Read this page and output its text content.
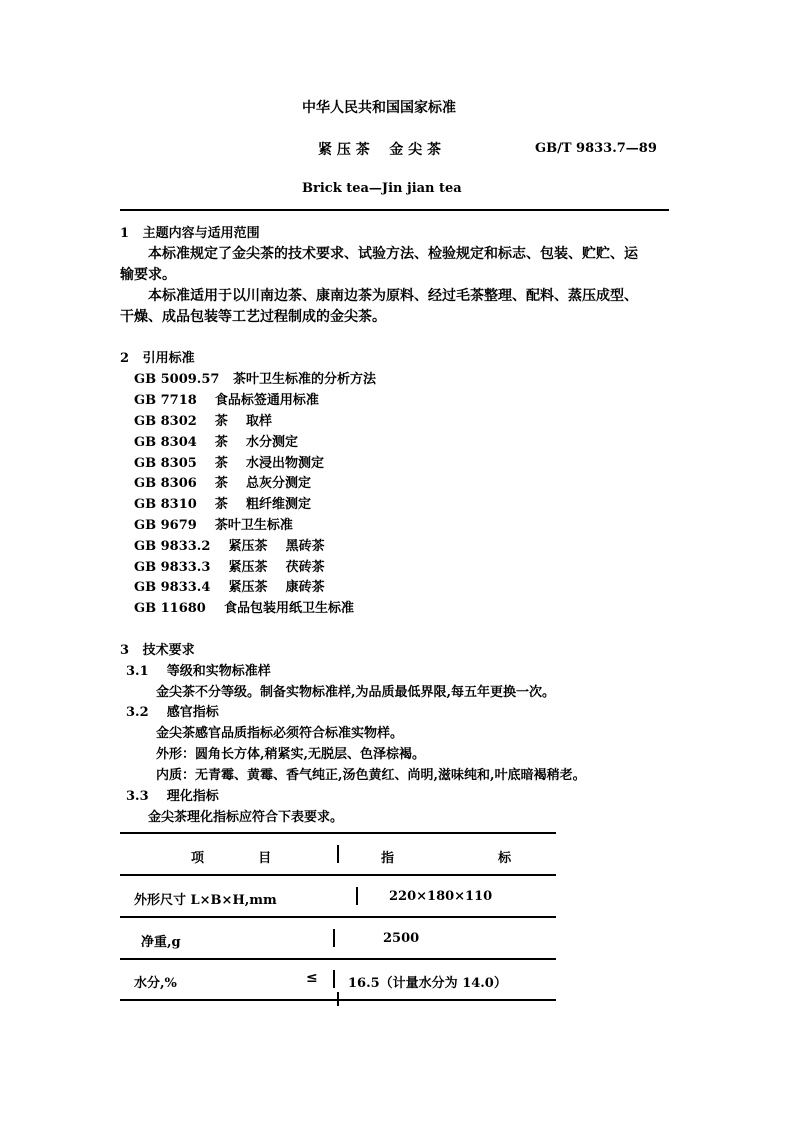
中华人民共和国国家标准
紧 压 茶    金 尖 茶	GB/T 9833.7—89
Brick tea—Jin jian tea
1   主题内容与适用范围
本标准规定了金尖茶的技术要求、试验方法、检验规定和标志、包装、贮贮、运
输要求。
本标准适用于以川南边茶、康南边茶为原料、经过毛茶整理、配料、蒸压成型、
干燥、成品包装等工艺过程制成的金尖茶。
2   引用标准
GB 5009.57   茶叶卫生标准的分析方法
GB 7718    食品标签通用标准
GB 8302    茶    取样
GB 8304    茶    水分测定
GB 8305    茶    水浸出物测定
GB 8306    茶    总灰分测定
GB 8310    茶    粗纤维测定
GB 9679    茶叶卫生标准
GB 9833.2    紧压茶    黑砖茶
GB 9833.3    紧压茶    茯砖茶
GB 9833.4    紧压茶    康砖茶
GB 11680    食品包装用纸卫生标准
3   技术要求
3.1    等级和实物标准样
金尖茶不分等级。制备实物标准样,为品质最低界限,每五年更换一次。
3.2    感官指标
金尖茶感官品质指标必须符合标准实物样。
外形：圆角长方体,稍紧实,无脱层、色泽棕褐。
内质：无青霉、黄霉、香气纯正,汤色黄红、尚明,滋味纯和,叶底暗褐稍老。
3.3    理化指标
金尖茶理化指标应符合下表要求。
项            目	指                       标
外形尺寸 L×B×H,mm	220×180×110
净重,g	2500
水分,%	≤ 16.5（计量水分为 14.0）
